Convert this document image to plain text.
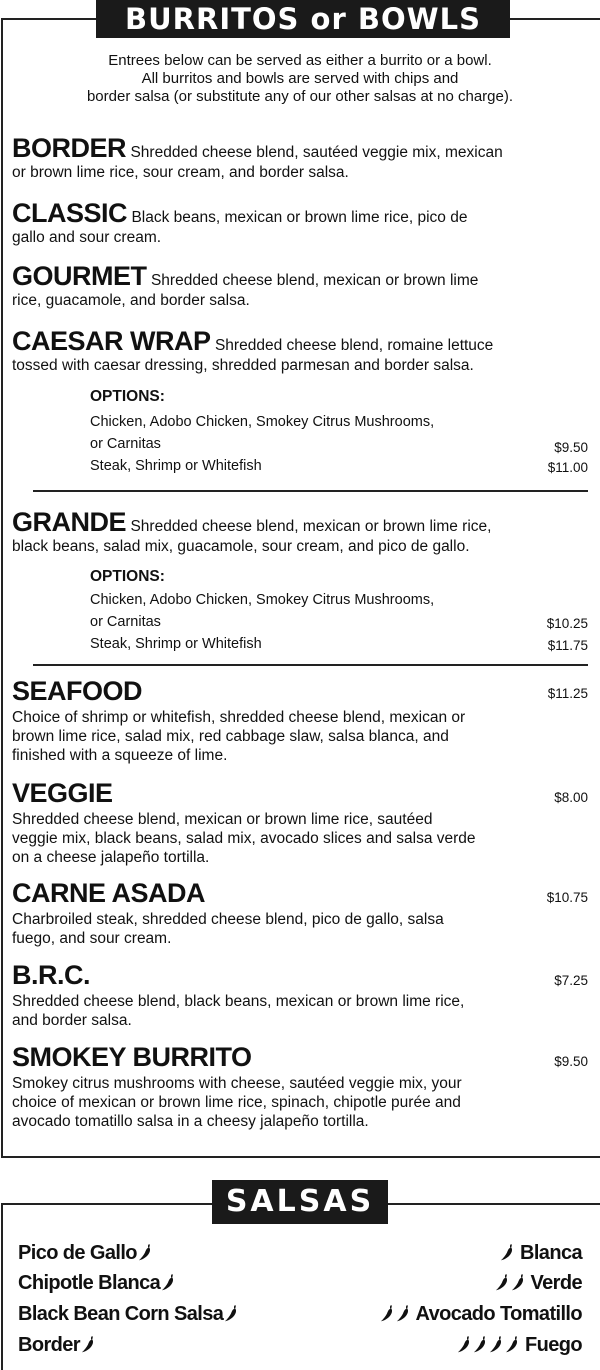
BURRITOS or BOWLS
Entrees below can be served as either a burrito or a bowl.
All burritos and bowls are served with chips and
border salsa (or substitute any of our other salsas at no charge).
BORDER Shredded cheese blend, sautéed veggie mix, mexican
or brown lime rice, sour cream, and border salsa.
CLASSIC Black beans, mexican or brown lime rice, pico de
gallo and sour cream.
GOURMET Shredded cheese blend, mexican or brown lime
rice, guacamole, and border salsa.
CAESAR WRAP Shredded cheese blend, romaine lettuce
tossed with caesar dressing, shredded parmesan and border salsa.
OPTIONS:
Chicken, Adobo Chicken, Smokey Citrus Mushrooms,
or Carnitas	$9.50
Steak, Shrimp or Whitefish	$11.00
GRANDE Shredded cheese blend, mexican or brown lime rice,
black beans, salad mix, guacamole, sour cream, and pico de gallo.
OPTIONS:
Chicken, Adobo Chicken, Smokey Citrus Mushrooms,
or Carnitas	$10.25
Steak, Shrimp or Whitefish	$11.75
SEAFOOD	$11.25
Choice of shrimp or whitefish, shredded cheese blend, mexican or
brown lime rice, salad mix, red cabbage slaw, salsa blanca, and
finished with a squeeze of lime.
VEGGIE	$8.00
Shredded cheese blend, mexican or brown lime rice, sautéed
veggie mix, black beans, salad mix, avocado slices and salsa verde
on a cheese jalapeño tortilla.
CARNE ASADA	$10.75
Charbroiled steak, shredded cheese blend, pico de gallo, salsa
fuego, and sour cream.
B.R.C.	$7.25
Shredded cheese blend, black beans, mexican or brown lime rice,
and border salsa.
SMOKEY BURRITO	$9.50
Smokey citrus mushrooms with cheese, sautéed veggie mix, your
choice of mexican or brown lime rice, spinach, chipotle purée and
avocado tomatillo salsa in a cheesy jalapeño tortilla.
SALSAS
Pico de Gallo
Chipotle Blanca
Black Bean Corn Salsa
Border
Blanca
Verde
Avocado Tomatillo
Fuego
